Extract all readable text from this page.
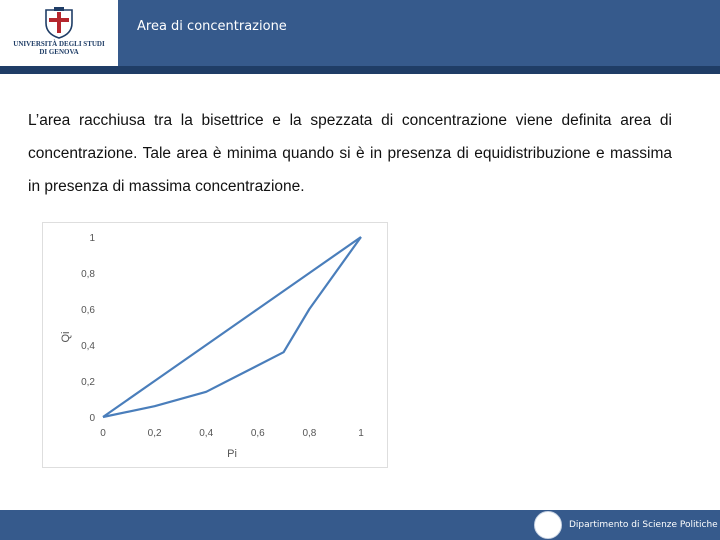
UNIVERSITÀ DEGLI STUDI
DI GENOVA
Area di concentrazione
L’area racchiusa tra la bisettrice e la spezzata di concentrazione viene definita area di concentrazione. Tale area è minima quando si è in presenza di equidistribuzione e massima in presenza di massima concentrazione.
0	0,2	0,4	0,6	0,8	1
0
0,2
0,4
0,6
0,8
1
Pi
Qi
Dipartimento di Scienze Politiche
